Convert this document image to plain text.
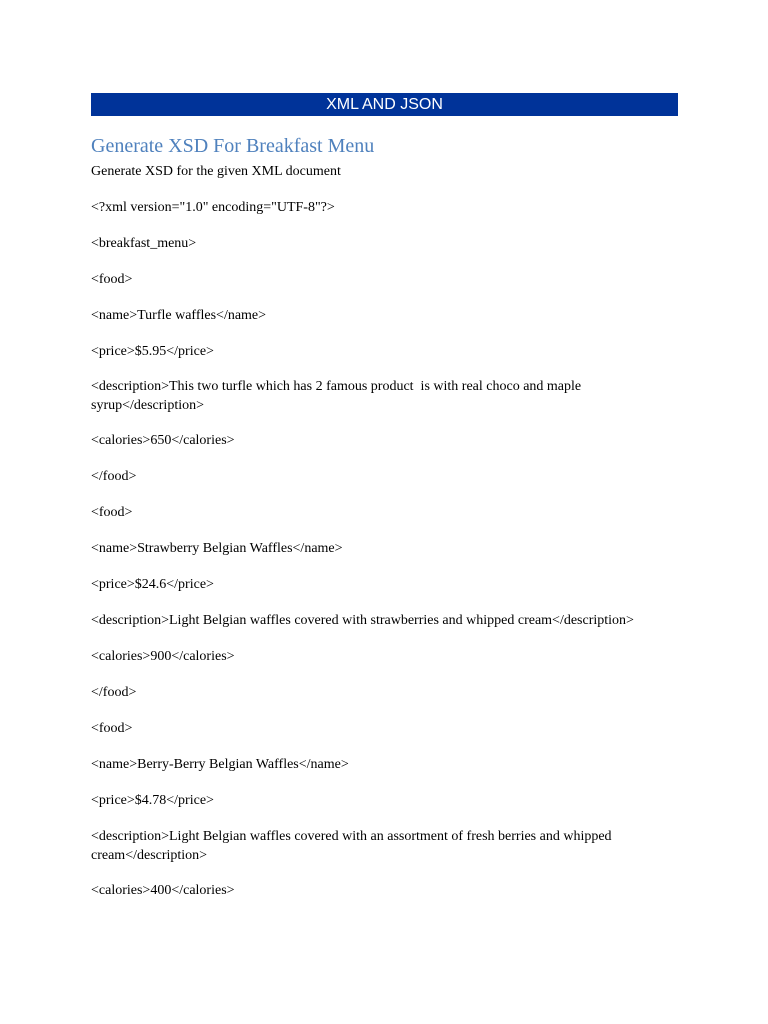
XML AND JSON
Generate XSD For Breakfast Menu
Generate XSD for the given XML document
<?xml version="1.0" encoding="UTF-8"?>
<breakfast_menu>
<food>
<name>Turfle waffles</name>
<price>$5.95</price>
<description>This two turfle which has 2 famous product  is with real choco and maple syrup</description>
<calories>650</calories>
</food>
<food>
<name>Strawberry Belgian Waffles</name>
<price>$24.6</price>
<description>Light Belgian waffles covered with strawberries and whipped cream</description>
<calories>900</calories>
</food>
<food>
<name>Berry-Berry Belgian Waffles</name>
<price>$4.78</price>
<description>Light Belgian waffles covered with an assortment of fresh berries and whipped cream</description>
<calories>400</calories>
